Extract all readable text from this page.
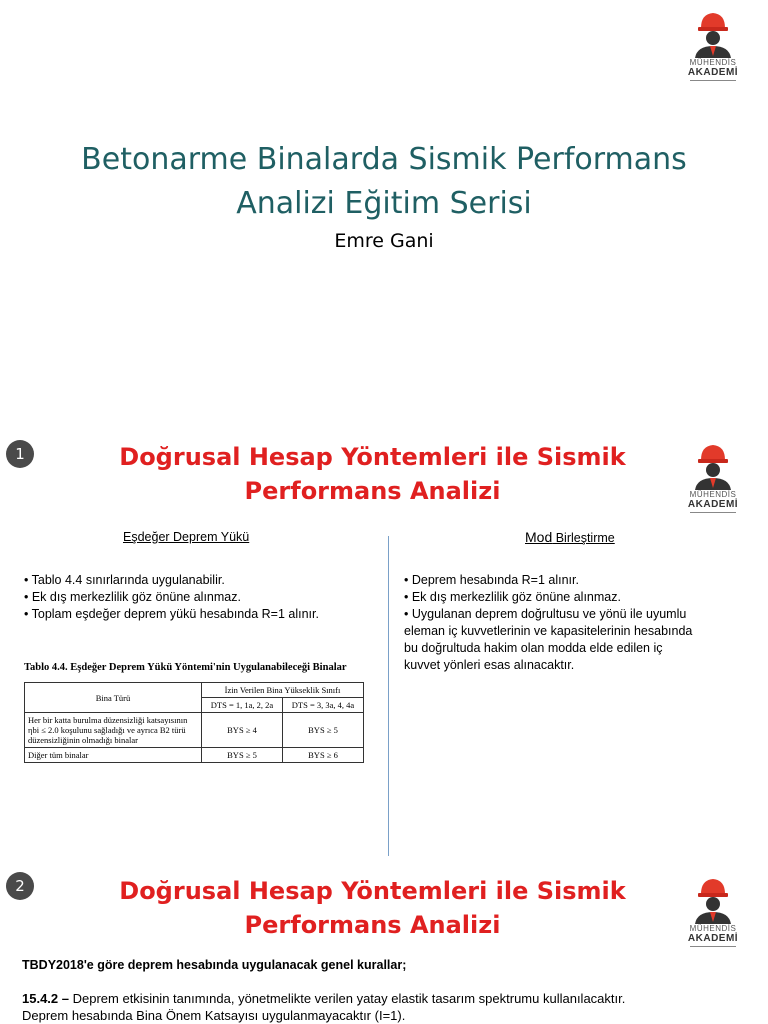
MÜHENDİS
AKADEMİ
Betonarme Binalarda Sismik Performans
Analizi Eğitim Serisi
Emre Gani
1
MÜHENDİS
AKADEMİ
Doğrusal Hesap Yöntemleri ile Sismik
Performans Analizi
Eşdeğer Deprem Yükü	Mod Birleştirme
• Tablo 4.4 sınırlarında uygulanabilir.
• Ek dış merkezlilik göz önüne alınmaz.
• Toplam eşdeğer deprem yükü hesabında R=1 alınır.
• Deprem hesabında R=1 alınır.
• Ek dış merkezlilik göz önüne alınmaz.
• Uygulanan deprem doğrultusu ve yönü ile uyumlu
eleman iç kuvvetlerinin ve kapasitelerinin hesabında
bu doğrultuda hakim olan modda elde edilen iç
kuvvet yönleri esas alınacaktır.
Tablo 4.4. Eşdeğer Deprem Yükü Yöntemi'nin Uygulanabileceği Binalar
Bina Türü	İzin Verilen Bina Yükseklik Sınıfı	
	DTS = 1, 1a, 2, 2a	DTS = 3, 3a, 4, 4a
Her bir katta burulma düzensizliği katsayısının ηbi ≤ 2.0 koşulunu sağladığı ve ayrıca B2 türü düzensizliğinin olmadığı binalar	BYS ≥ 4	BYS ≥ 5
Diğer tüm binalar	BYS ≥ 5	BYS ≥ 6
2
MÜHENDİS
AKADEMİ
Doğrusal Hesap Yöntemleri ile Sismik
Performans Analizi
TBDY2018'e göre deprem hesabında uygulanacak genel kurallar;
15.4.2 – Deprem etkisinin tanımında, yönetmelikte verilen yatay elastik tasarım spektrumu kullanılacaktır.
Deprem hesabında Bina Önem Katsayısı uygulanmayacaktır (I=1).
